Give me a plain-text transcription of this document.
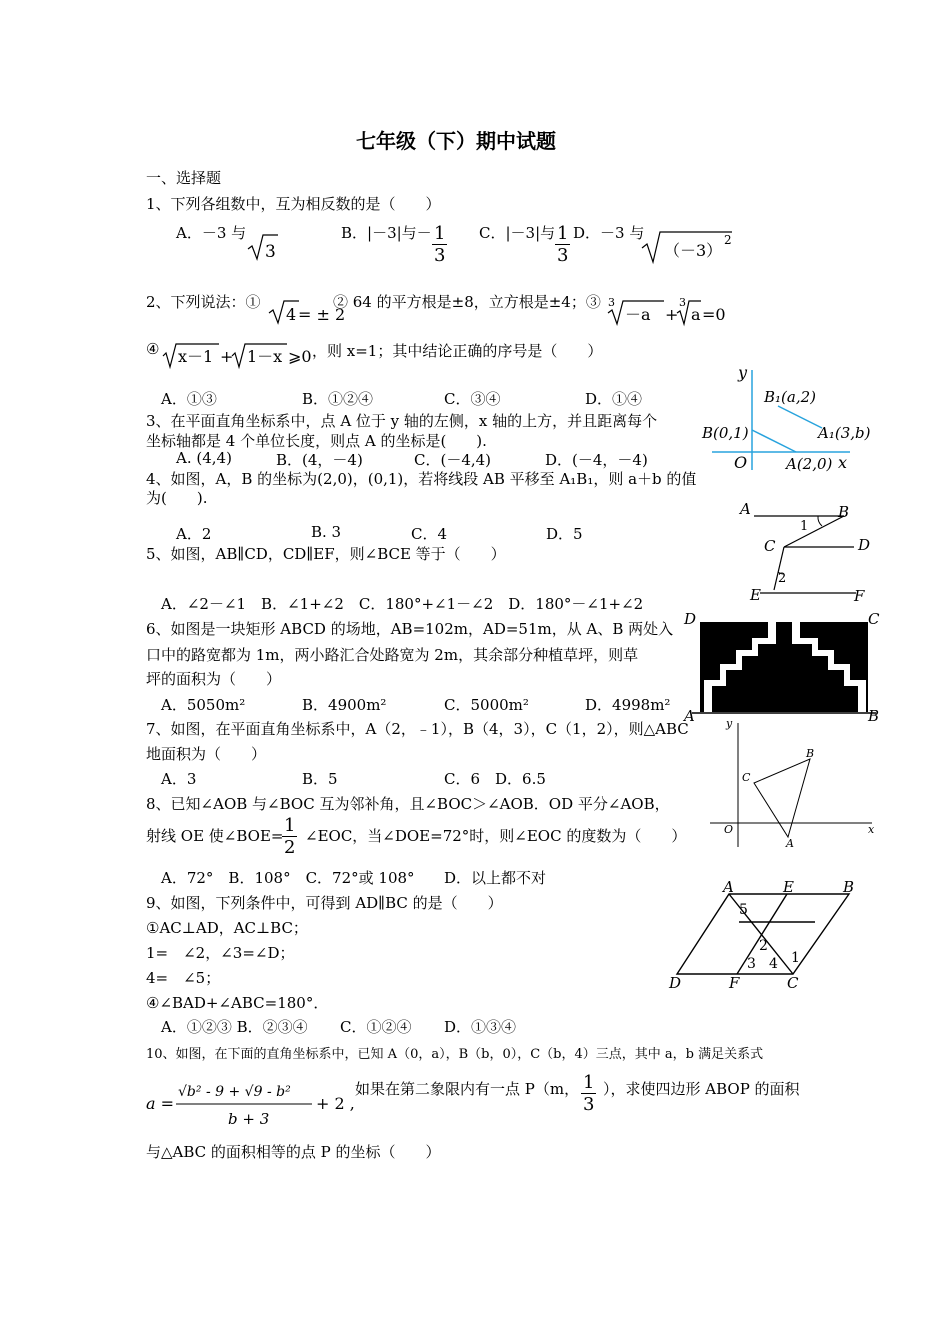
七年级（下）期中试题
一、选择题
1、下列各组数中，互为相反数的是（　　）
A．－3 与
3
B．|－3|与－ $\frac{1}{3}$ C．|－3|与 $\frac{1}{3}$ D．－3 与
（－3）
2
2、下列说法：①
4 = ± 2
② 64 的平方根是±8，立方根是±4；③ 3
－a +
3
a =0
④ x－1 + 1－x ⩾0 ，则 x=1；其中结论正确的序号是（　　）
A．①③	B．①②④	C．③④	D．①④
3、在平面直角坐标系中，点 A 位于 y 轴的左侧，x 轴的上方，并且距离每个
坐标轴都是 4 个单位长度，则点 A 的坐标是(　　).
A. (4,4)	B．(4，－4)	C．(－4,4)	D．(－4，－4)
4、如图，A，B 的坐标为(2,0)，(0,1)，若将线段 AB 平移至 A₁B₁，则 a＋b 的值
为(　　).
A．2	B. 3	C．4	D．5
5、如图，AB∥CD，CD∥EF，则∠BCE 等于（　　）
A．∠2－∠1　B．∠1+∠2　C．180°+∠1－∠2　D．180°－∠1+∠2
6、如图是一块矩形 ABCD 的场地，AB=102m，AD=51m，从 A、B 两处入
口中的路宽都为 1m，两小路汇合处路宽为 2m，其余部分种植草坪，则草
坪的面积为（　　）
A．5050m²	B．4900m²	C．5000m²	D．4998m²
7、如图，在平面直角坐标系中，A（2，﹣1），B（4，3），C（1，2），则△ABC
地面积为（　　）
A．3	B．5	C．6　D．6.5
8、已知∠AOB 与∠BOC 互为邻补角，且∠BOC＞∠AOB．OD 平分∠AOB，
射线 OE 使∠BOE=
$\frac{1}{2}$ ∠EOC，当∠DOE=72°时，则∠EOC 的度数为（　　）
A．72°　B．108°　C．72°或 108° D．以上都不对
9、如图，下列条件中，可得到 AD∥BC 的是（　　）
①AC⊥AD，AC⊥BC；
1=　∠2，∠3=∠D；
4=　∠5；
④∠BAD+∠ABC=180°．
A．①②③ B．②③④ C．①②④ D．①③④
10、如图，在下面的直角坐标系中，已知 A（0，a），B（b，0），C（b，4）三点，其中 a，b 满足关系式
a =
√b² - 9 + √9 - b²
b + 3
+ 2 ,
如果在第二象限内有一点 P（m， $\frac{1}{3}$ ），求使四边形 ABOP 的面积
与△ABC 的面积相等的点 P 的坐标（　　）
y
x
O
B₁(a,2)
B(0,1)	A₁(3,b)
A(2,0)
A	B
C	D
E	F
1
2
D	C
A	B
y
x
O
A
B
C
A	E	B
D	F	C
1
2
3 4
5
